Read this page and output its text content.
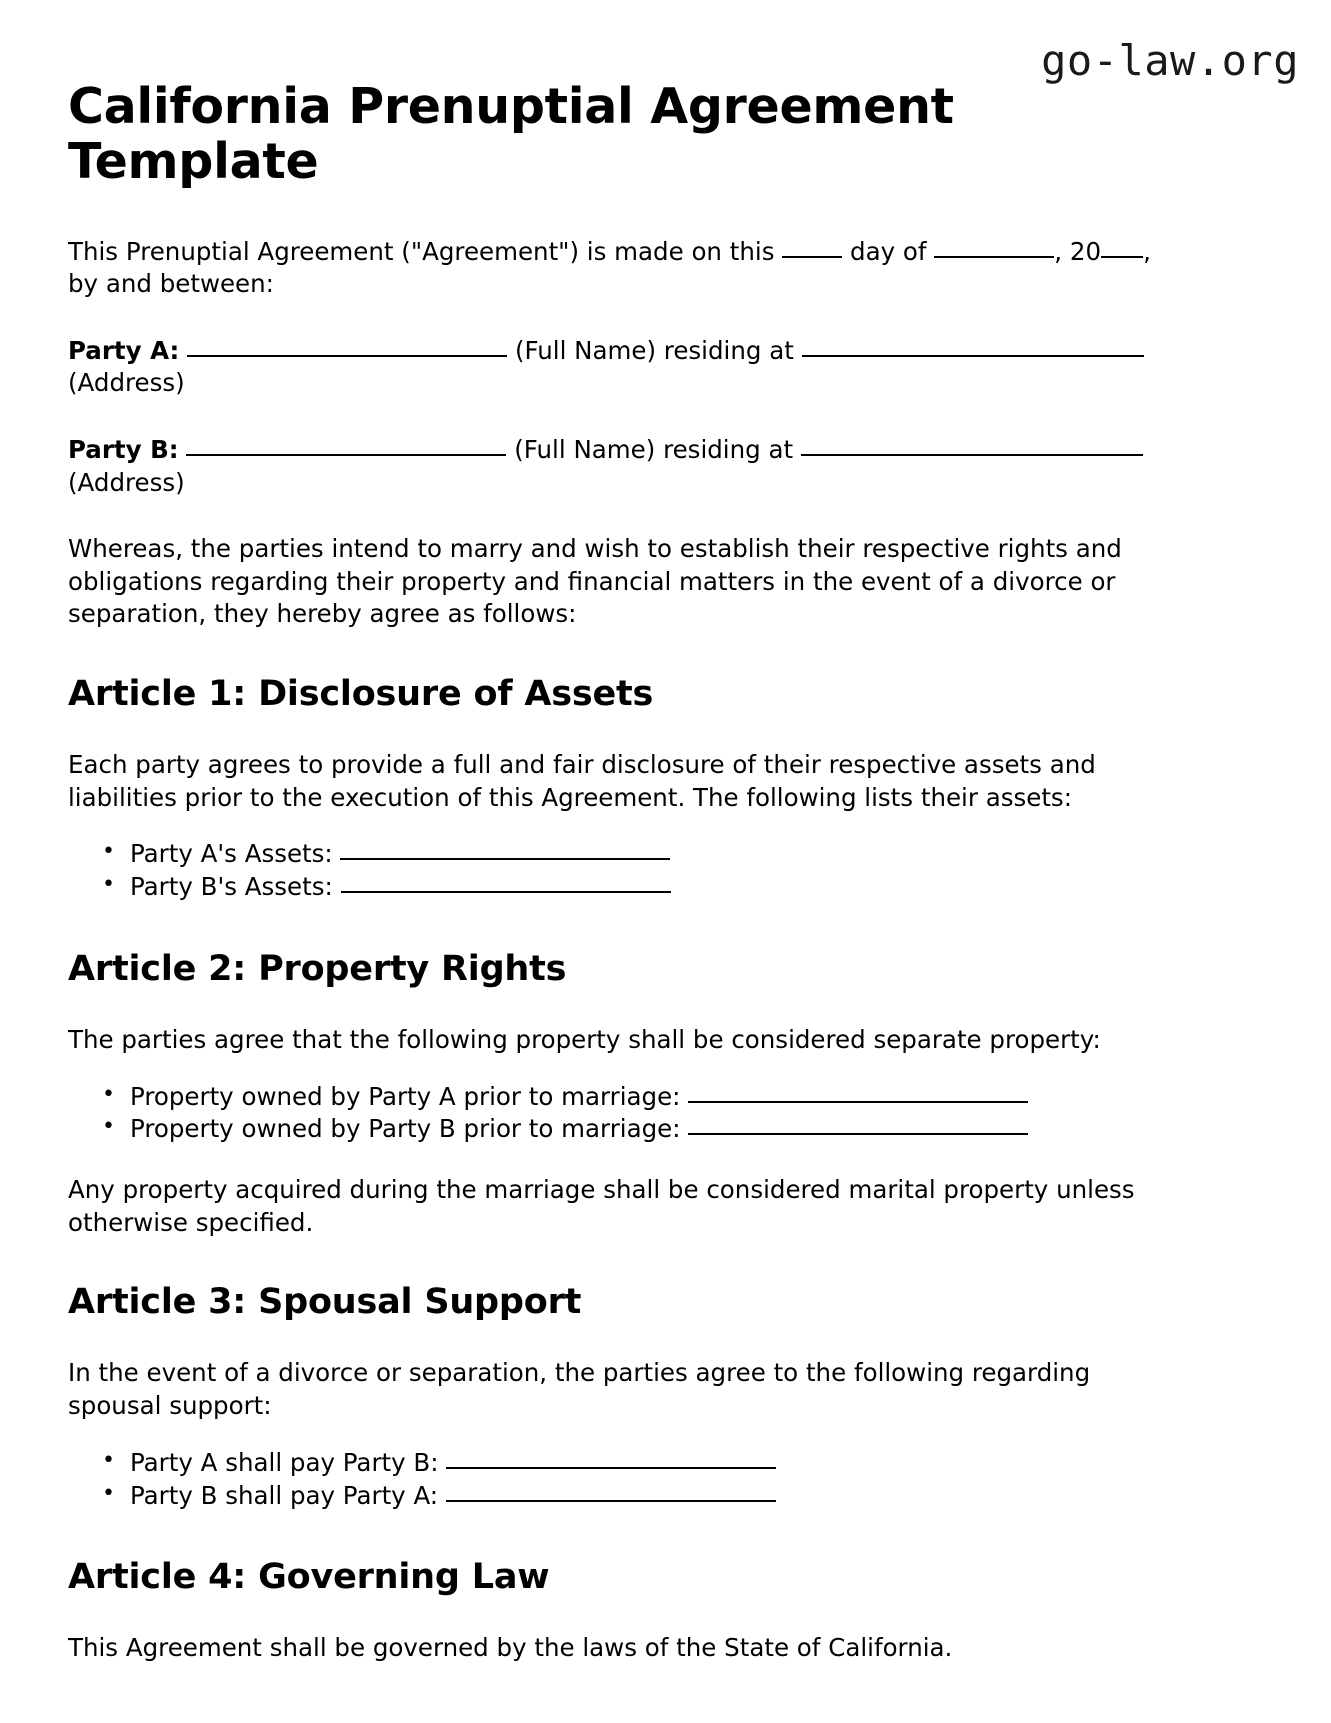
go-law.org
California Prenuptial Agreement Template

This Prenuptial Agreement ("Agreement") is made on this  day of	, 20 , by and between:

Party A:	(Full Name) residing at
(Address)

Party B:	(Full Name) residing at
(Address)

Whereas, the parties intend to marry and wish to establish their respective rights and obligations regarding their property and financial matters in the event of a divorce or separation, they hereby agree as follows:

Article 1: Disclosure of Assets

Each party agrees to provide a full and fair disclosure of their respective assets and liabilities prior to the execution of this Agreement. The following lists their assets:

• Party A's Assets:
• Party B's Assets:
Article 2: Property Rights

The parties agree that the following property shall be considered separate property:

• Property owned by Party A prior to marriage:
• Property owned by Party B prior to marriage:

Any property acquired during the marriage shall be considered marital property unless otherwise specified.

Article 3: Spousal Support

In the event of a divorce or separation, the parties agree to the following regarding spousal support:

• Party A shall pay Party B:
• Party B shall pay Party A:
Article 4: Governing Law

This Agreement shall be governed by the laws of the State of California.
